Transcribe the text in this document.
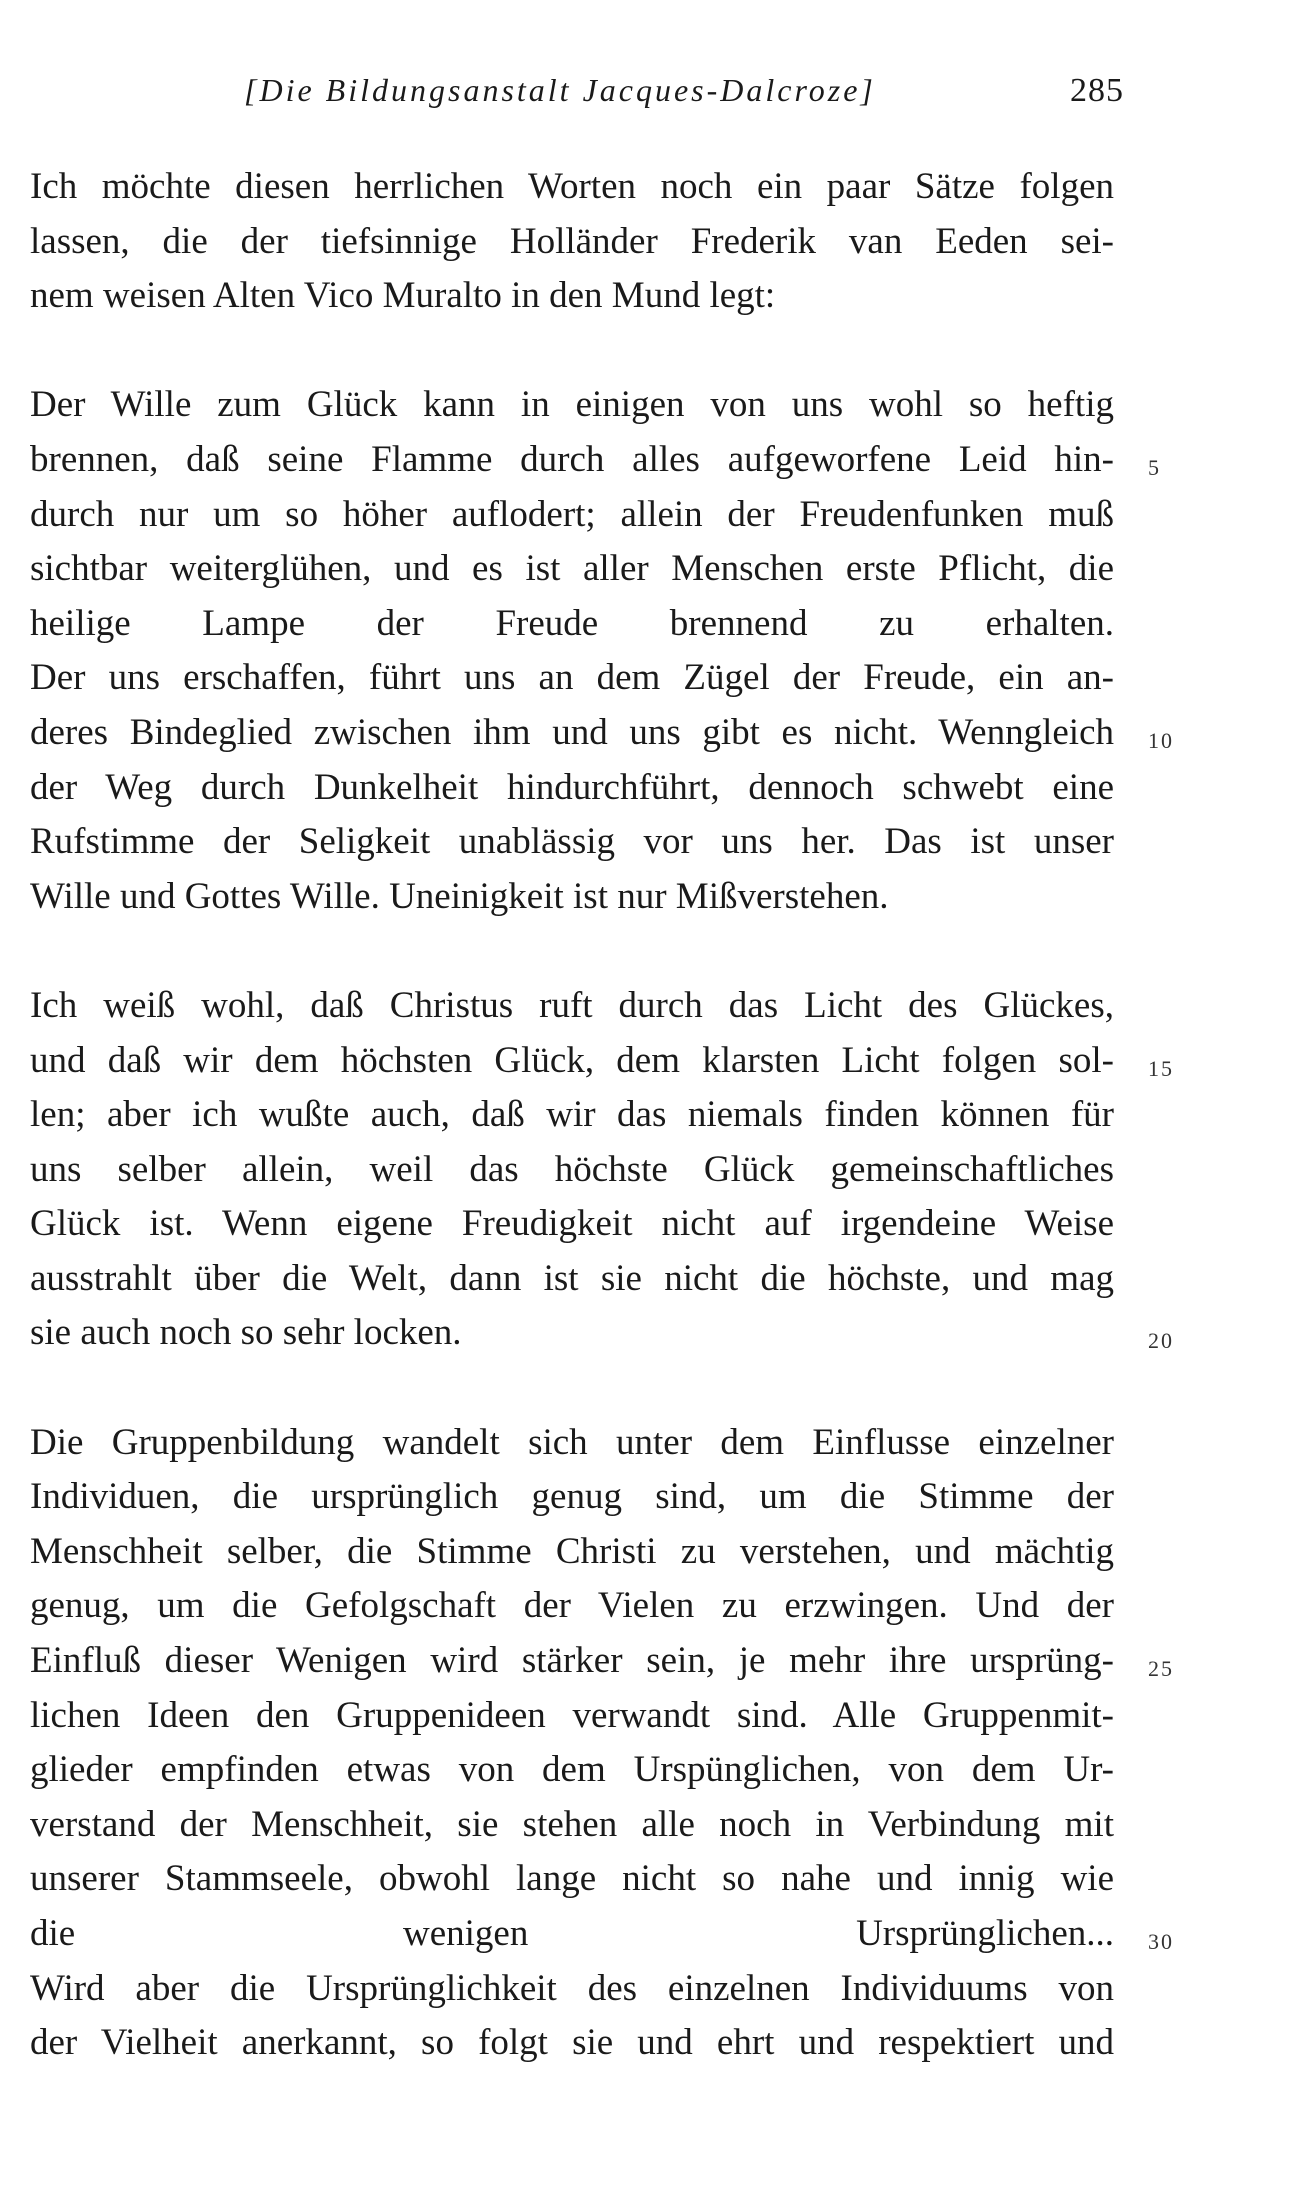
[Die Bildungsanstalt Jacques-Dalcroze]	285
Ich möchte diesen herrlichen Worten noch ein paar Sätze folgen
lassen, die der tiefsinnige Holländer Frederik van Eeden sei-
nem weisen Alten Vico Muralto in den Mund legt:
Der Wille zum Glück kann in einigen von uns wohl so heftig
brennen, daß seine Flamme durch alles aufgeworfene Leid hin- 5
durch nur um so höher auflodert; allein der Freudenfunken muß
sichtbar weiterglühen, und es ist aller Menschen erste Pflicht, die
heilige Lampe der Freude brennend zu erhalten.
Der uns erschaffen, führt uns an dem Zügel der Freude, ein an-
deres Bindeglied zwischen ihm und uns gibt es nicht. Wenngleich 10
der Weg durch Dunkelheit hindurchführt, dennoch schwebt eine
Rufstimme der Seligkeit unablässig vor uns her. Das ist unser
Wille und Gottes Wille. Uneinigkeit ist nur Mißverstehen.
Ich weiß wohl, daß Christus ruft durch das Licht des Glückes,
und daß wir dem höchsten Glück, dem klarsten Licht folgen sol- 15
len; aber ich wußte auch, daß wir das niemals finden können für
uns selber allein, weil das höchste Glück gemeinschaftliches
Glück ist. Wenn eigene Freudigkeit nicht auf irgendeine Weise
ausstrahlt über die Welt, dann ist sie nicht die höchste, und mag
sie auch noch so sehr locken.	20
Die Gruppenbildung wandelt sich unter dem Einflusse einzelner
Individuen, die ursprünglich genug sind, um die Stimme der
Menschheit selber, die Stimme Christi zu verstehen, und mächtig
genug, um die Gefolgschaft der Vielen zu erzwingen. Und der
Einfluß dieser Wenigen wird stärker sein, je mehr ihre ursprüng- 25
lichen Ideen den Gruppenideen verwandt sind. Alle Gruppenmit-
glieder empfinden etwas von dem Urspünglichen, von dem Ur-
verstand der Menschheit, sie stehen alle noch in Verbindung mit
unserer Stammseele, obwohl lange nicht so nahe und innig wie
die wenigen Ursprünglichen... 30
Wird aber die Ursprünglichkeit des einzelnen Individuums von
der Vielheit anerkannt, so folgt sie und ehrt und respektiert und
